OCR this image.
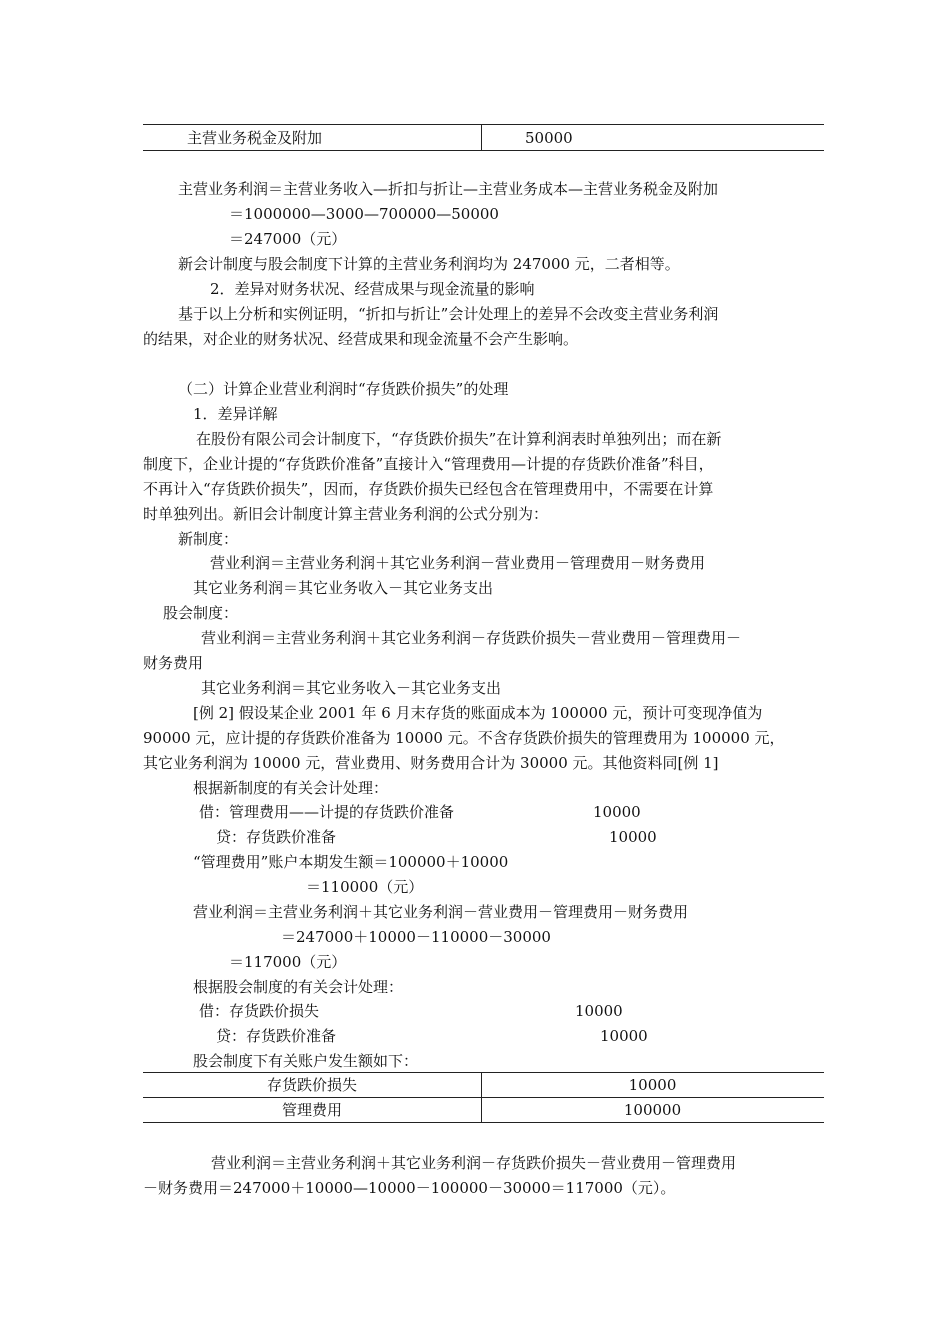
主营业务税金及附加	50000
主营业务利润＝主营业务收入—折扣与折让—主营业务成本—主营业务税金及附加
＝1000000—3000—700000—50000
＝247000（元）
新会计制度与股会制度下计算的主营业务利润均为 247000 元，二者相等。
2．差异对财务状况、经营成果与现金流量的影响
基于以上分析和实例证明，“折扣与折让”会计处理上的差异不会改变主营业务利润
的结果，对企业的财务状况、经营成果和现金流量不会产生影响。
（二）计算企业营业利润时“存货跌价损失”的处理
1．差异详解
在股份有限公司会计制度下，“存货跌价损失”在计算利润表时单独列出；而在新
制度下，企业计提的“存货跌价准备”直接计入“管理费用—计提的存货跌价准备”科目，
不再计入“存货跌价损失”，因而，存货跌价损失已经包含在管理费用中，不需要在计算
时单独列出。新旧会计制度计算主营业务利润的公式分别为：
新制度：
营业利润＝主营业务利润＋其它业务利润－营业费用－管理费用－财务费用
其它业务利润＝其它业务收入－其它业务支出
股会制度：
营业利润＝主营业务利润＋其它业务利润－存货跌价损失－营业费用－管理费用－
财务费用
其它业务利润＝其它业务收入－其它业务支出
[例 2] 假设某企业 2001 年 6 月末存货的账面成本为 100000 元，预计可变现净值为
90000 元，应计提的存货跌价准备为 10000 元。不含存货跌价损失的管理费用为 100000 元，
其它业务利润为 10000 元，营业费用、财务费用合计为 30000 元。其他资料同[例 1]
根据新制度的有关会计处理：
借：管理费用——计提的存货跌价准备	10000
贷：存货跌价准备	10000
“管理费用”账户本期发生额＝100000＋10000
＝110000（元）
营业利润＝主营业务利润＋其它业务利润－营业费用－管理费用－财务费用
＝247000＋10000－110000－30000
＝117000（元）
根据股会制度的有关会计处理：
借：存货跌价损失	10000
贷：存货跌价准备	10000
股会制度下有关账户发生额如下：
存货跌价损失	10000
管理费用	100000
营业利润＝主营业务利润＋其它业务利润－存货跌价损失－营业费用－管理费用
－财务费用＝247000＋10000—10000－100000－30000＝117000（元）。
